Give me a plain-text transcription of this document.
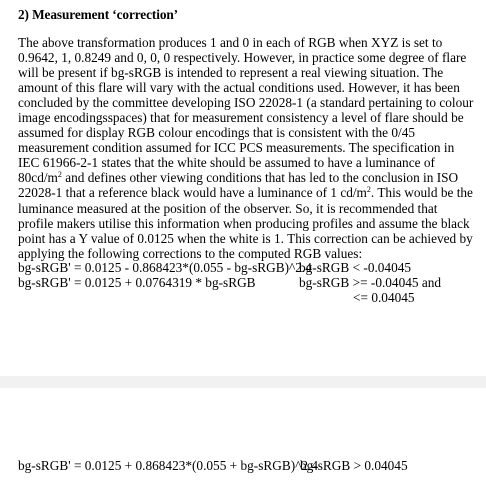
2) Measurement ‘correction’
The above transformation produces 1 and 0 in each of RGB when XYZ is set to
0.9642, 1, 0.8249 and 0, 0, 0 respectively. However, in practice some degree of flare
will be present if bg-sRGB is intended to represent a real viewing situation. The
amount of this flare will vary with the actual conditions used. However, it has been
concluded by the committee developing ISO 22028-1 (a standard pertaining to colour
image encodingsspaces) that for measurement consistency a level of flare should be
assumed for display RGB colour encodings that is consistent with the 0/45
measurement condition assumed for ICC PCS measurements. The specification in
IEC 61966-2-1 states that the white should be assumed to have a luminance of
$80cd/m^2$ and defines other viewing conditions that has led to the conclusion in ISO
22028-1 that a reference black would have a luminance of 1 $cd/m^2$. This would be the
luminance measured at the position of the observer. So, it is recommended that
profile makers utilise this information when producing profiles and assume the black
point has a Y value of 0.0125 when the white is 1. This correction can be achieved by
applying the following corrections to the computed RGB values:
bg-sRGB' = 0.0125 - 0.868423*(0.055 - bg-sRGB)^2.4
bg-sRGB < -0.04045
bg-sRGB' = 0.0125 + 0.0764319 * bg-sRGB	bg-sRGB >= -0.04045 and
<= 0.04045
bg-sRGB' = 0.0125 + 0.868423*(0.055 + bg-sRGB)^2.4
bg-sRGB > 0.04045
